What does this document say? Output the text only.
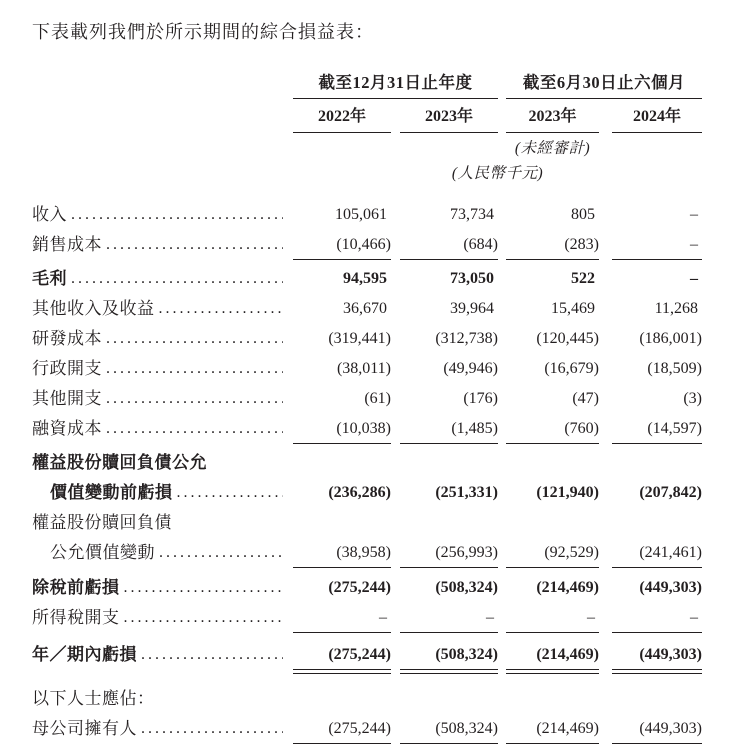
下表載列我們於所示期間的綜合損益表：

截至12月31日止年度	截至6月30日止六個月
2022年	2023年	2023年	2024年
(未經審計)
(人民幣千元)
收入 .....	105,061	73,734	805	–
銷售成本 .....	(10,466)	(684)	(283)	–
毛利 .....	94,595	73,050	522	–
其他收入及收益 .....	36,670	39,964	15,469	11,268
研發成本 .....	(319,441)	(312,738)	(120,445)	(186,001)
行政開支 .....	(38,011)	(49,946)	(16,679)	(18,509)
其他開支 .....	(61)	(176)	(47)	(3)
融資成本 .....	(10,038)	(1,485)	(760)	(14,597)
權益股份贖回負債公允
價值變動前虧損 .....	(236,286)	(251,331)	(121,940)	(207,842)
權益股份贖回負債
公允價值變動 .....	(38,958)	(256,993)	(92,529)	(241,461)
除稅前虧損 .....	(275,244)	(508,324)	(214,469)	(449,303)
所得稅開支 .....	–	–	–	–
年／期內虧損 .....	(275,244)	(508,324)	(214,469)	(449,303)
以下人士應佔：
母公司擁有人 .....	(275,244)	(508,324)	(214,469)	(449,303)
